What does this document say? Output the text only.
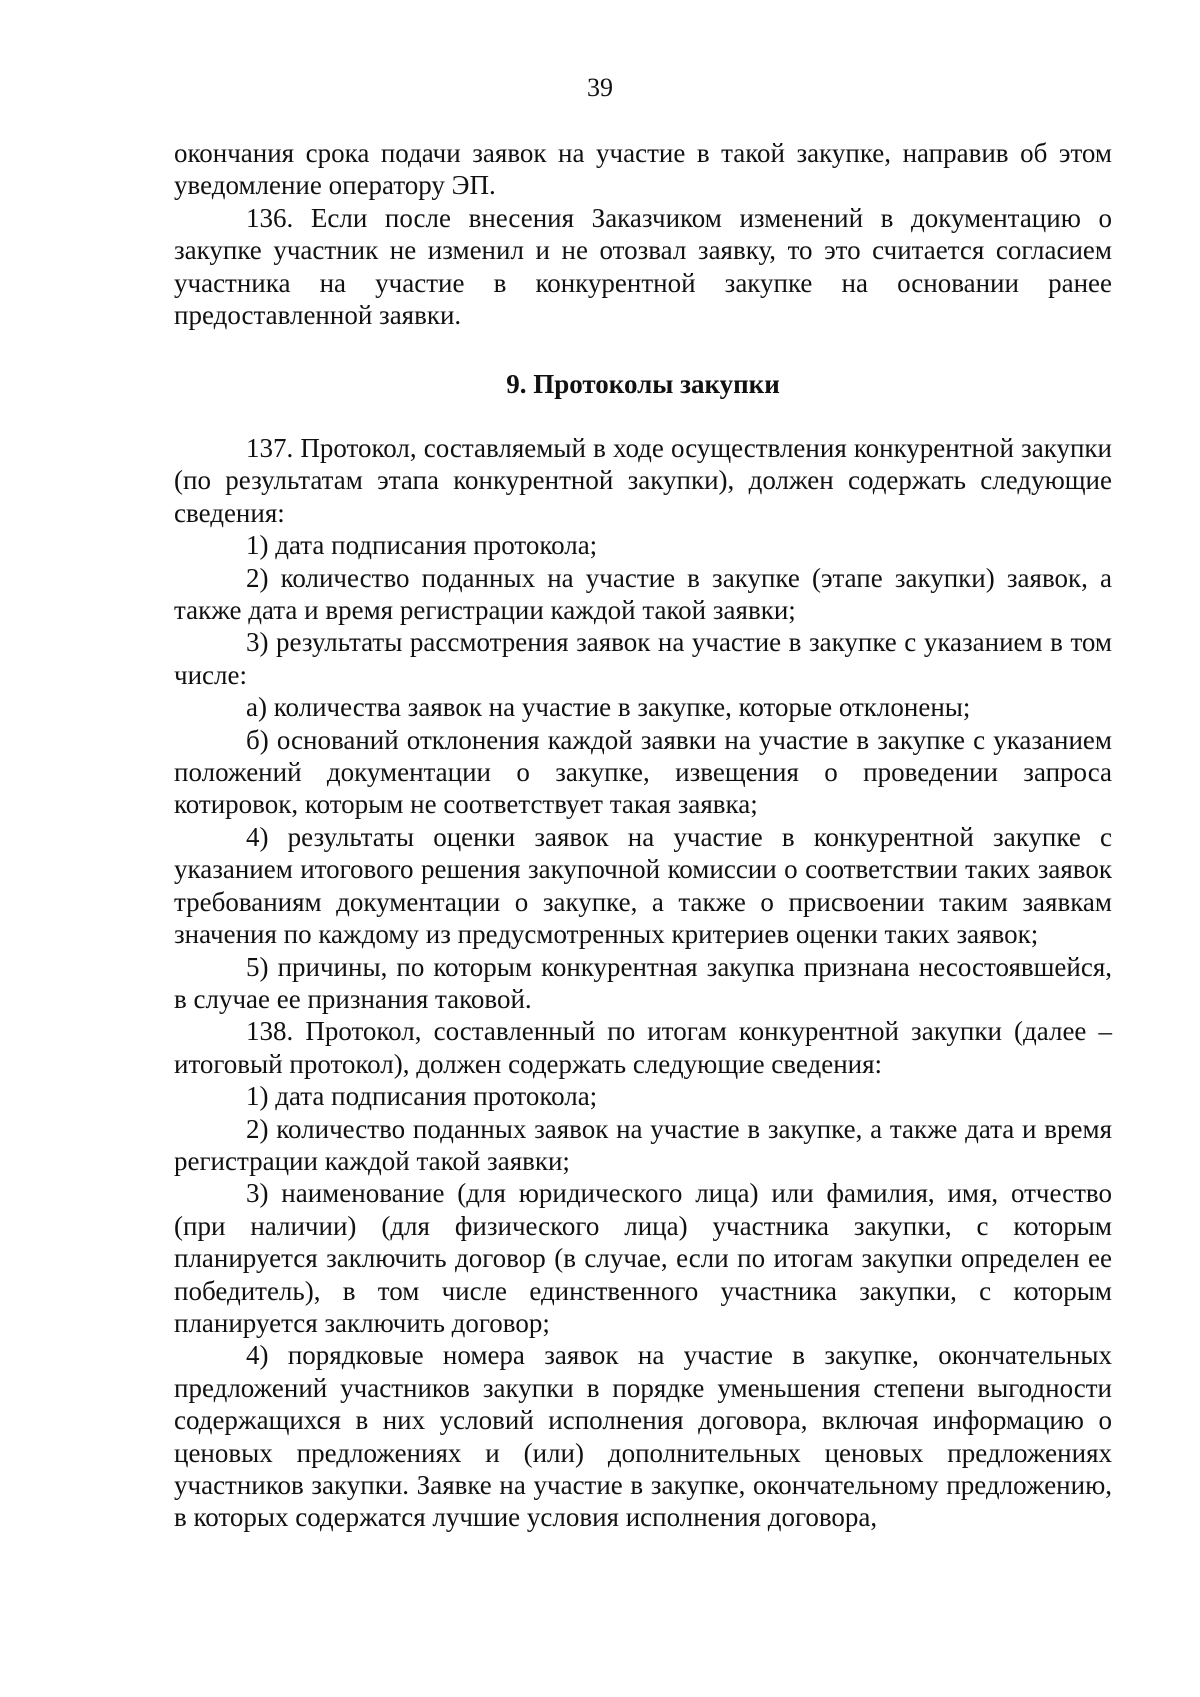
39

окончания срока подачи заявок на участие в такой закупке, направив об этом уведомление оператору ЭП.

136. Если после внесения Заказчиком изменений в документацию о закупке участник не изменил и не отозвал заявку, то это считается согласием участника на участие в конкурентной закупке на основании ранее предоставленной заявки.

9. Протоколы закупки

137. Протокол, составляемый в ходе осуществления конкурентной закупки (по результатам этапа конкурентной закупки), должен содержать следующие сведения:

1) дата подписания протокола;

2) количество поданных на участие в закупке (этапе закупки) заявок, а также дата и время регистрации каждой такой заявки;

3) результаты рассмотрения заявок на участие в закупке с указанием в том числе:

а) количества заявок на участие в закупке, которые отклонены;

б) оснований отклонения каждой заявки на участие в закупке с указанием положений документации о закупке, извещения о проведении запроса котировок, которым не соответствует такая заявка;

4) результаты оценки заявок на участие в конкурентной закупке с указанием итогового решения закупочной комиссии о соответствии таких заявок требованиям документации о закупке, а также о присвоении таким заявкам значения по каждому из предусмотренных критериев оценки таких заявок;

5) причины, по которым конкурентная закупка признана несостоявшейся, в случае ее признания таковой.

138. Протокол, составленный по итогам конкурентной закупки (далее – итоговый протокол), должен содержать следующие сведения:

1) дата подписания протокола;

2) количество поданных заявок на участие в закупке, а также дата и время регистрации каждой такой заявки;

3) наименование (для юридического лица) или фамилия, имя, отчество (при наличии) (для физического лица) участника закупки, с которым планируется заключить договор (в случае, если по итогам закупки определен ее победитель), в том числе единственного участника закупки, с которым планируется заключить договор;

4) порядковые номера заявок на участие в закупке, окончательных предложений участников закупки в порядке уменьшения степени выгодности содержащихся в них условий исполнения договора, включая информацию о ценовых предложениях и (или) дополнительных ценовых предложениях участников закупки. Заявке на участие в закупке, окончательному предложению, в которых содержатся лучшие условия исполнения договора,
